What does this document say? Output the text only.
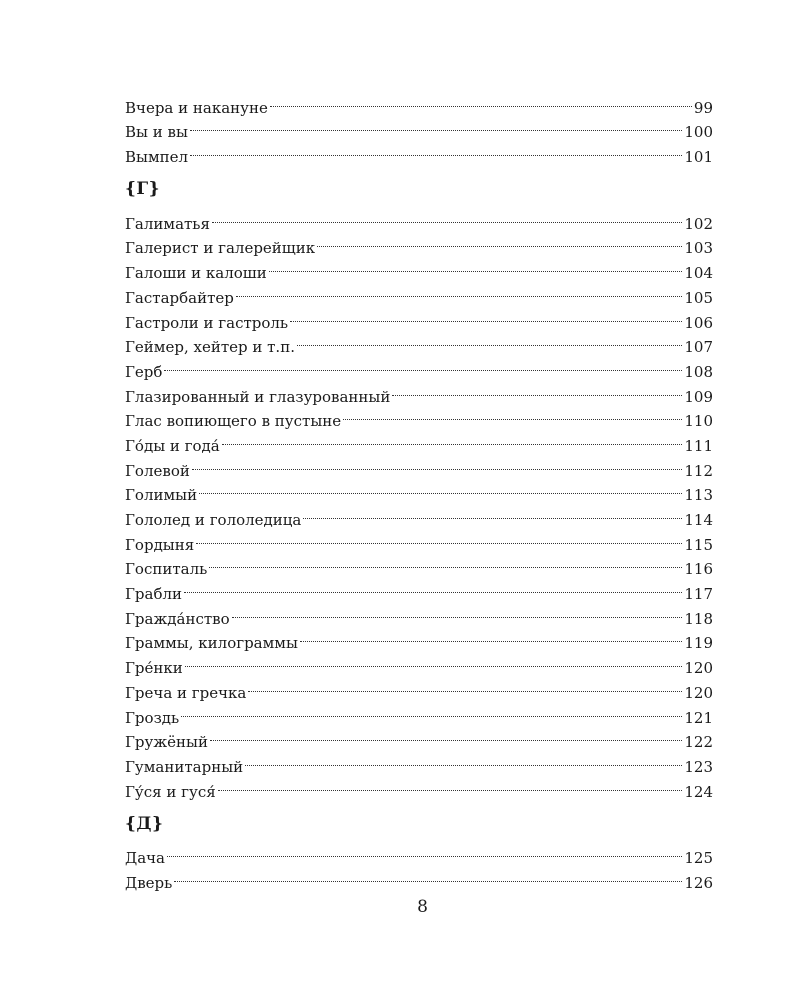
Вчера и накануне	99
Вы и вы	100
Вымпел	101
{Г}
Галиматья	102
Галерист и галерейщик	103
Галоши и калоши	104
Гастарбайтер	105
Гастроли и гастроль	106
Геймер, хейтер и т.п.	107
Герб	108
Глазированный и глазурованный	109
Глас вопиющего в пустыне	110
Го́ды и года́	111
Голевой	112
Голимый	113
Гололед и гололедица	114
Гордыня	115
Госпиталь	116
Грабли	117
Гражда́нство	118
Граммы, килограммы	119
Гре́нки	120
Греча и гречка	120
Гроздь	121
Гружёный	122
Гуманитарный	123
Гу́ся и гуся́	124
{Д}
Дача	125
Дверь	126
8
